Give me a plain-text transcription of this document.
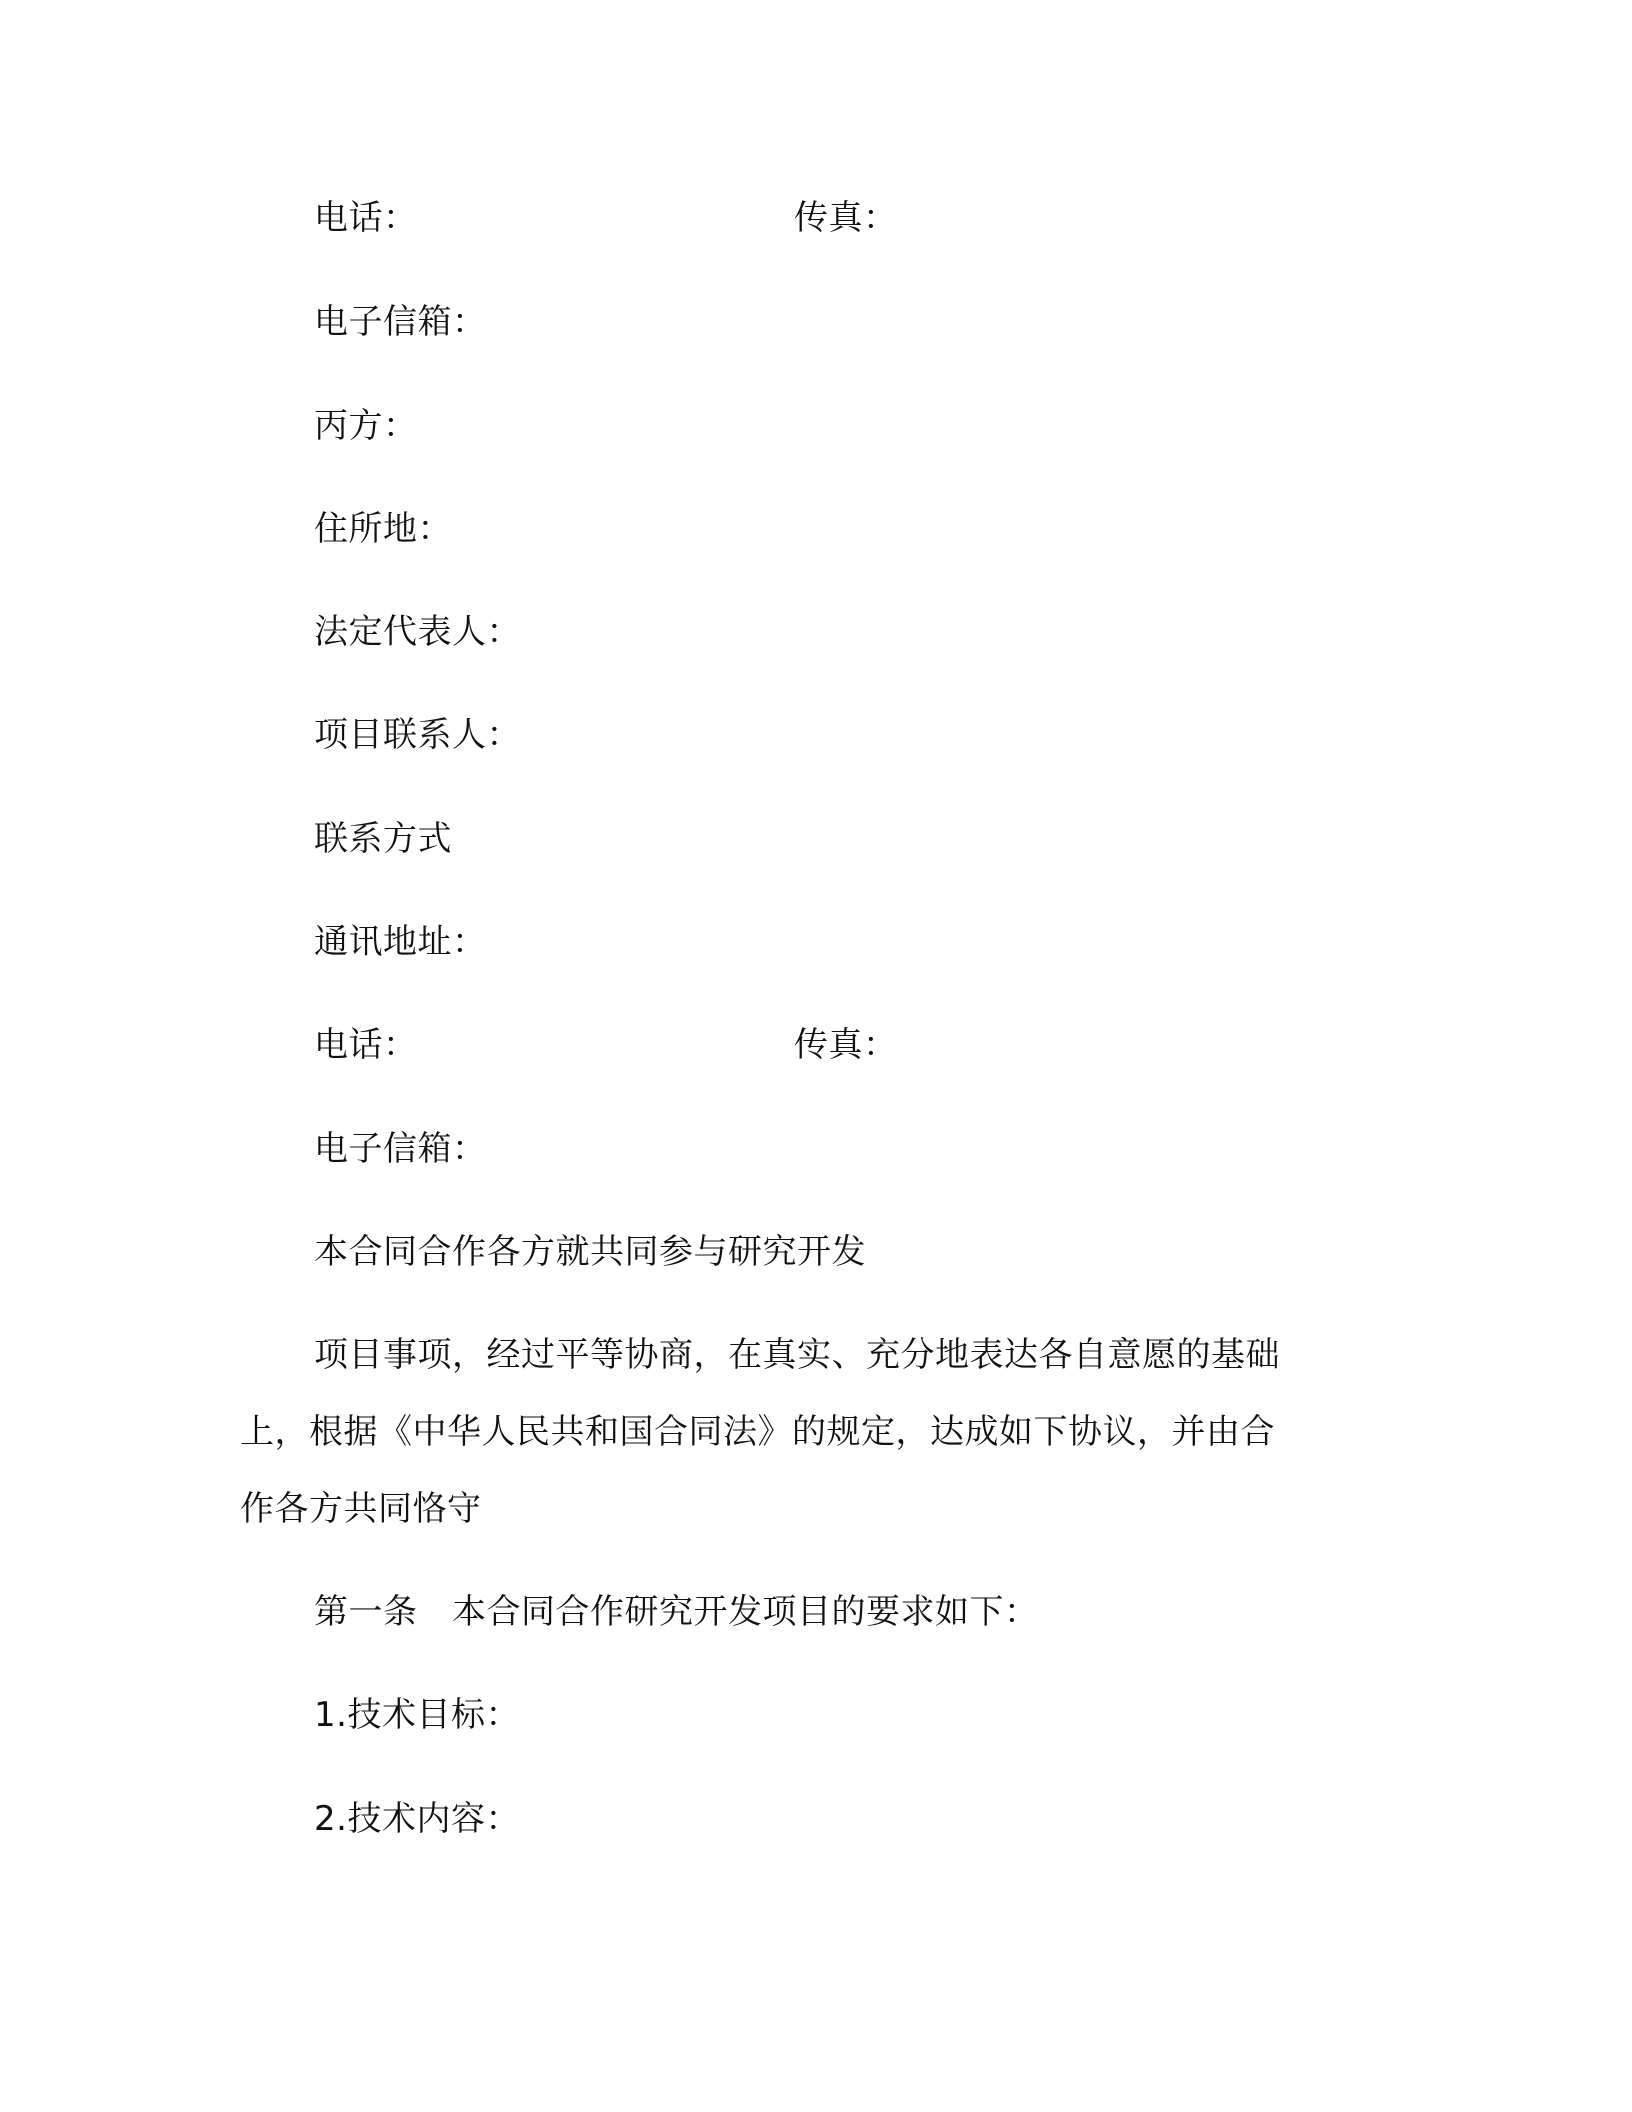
电话：	传真：
电子信箱：
丙方：
住所地：
法定代表人：
项目联系人：
联系方式
通讯地址：
电话：	传真：
电子信箱：
本合同合作各方就共同参与研究开发
项目事项，经过平等协商，在真实、充分地表达各自意愿的基础
上，根据《中华人民共和国合同法》的规定，达成如下协议，并由合
作各方共同恪守
第一条　本合同合作研究开发项目的要求如下：
1.技术目标：
2.技术内容：
